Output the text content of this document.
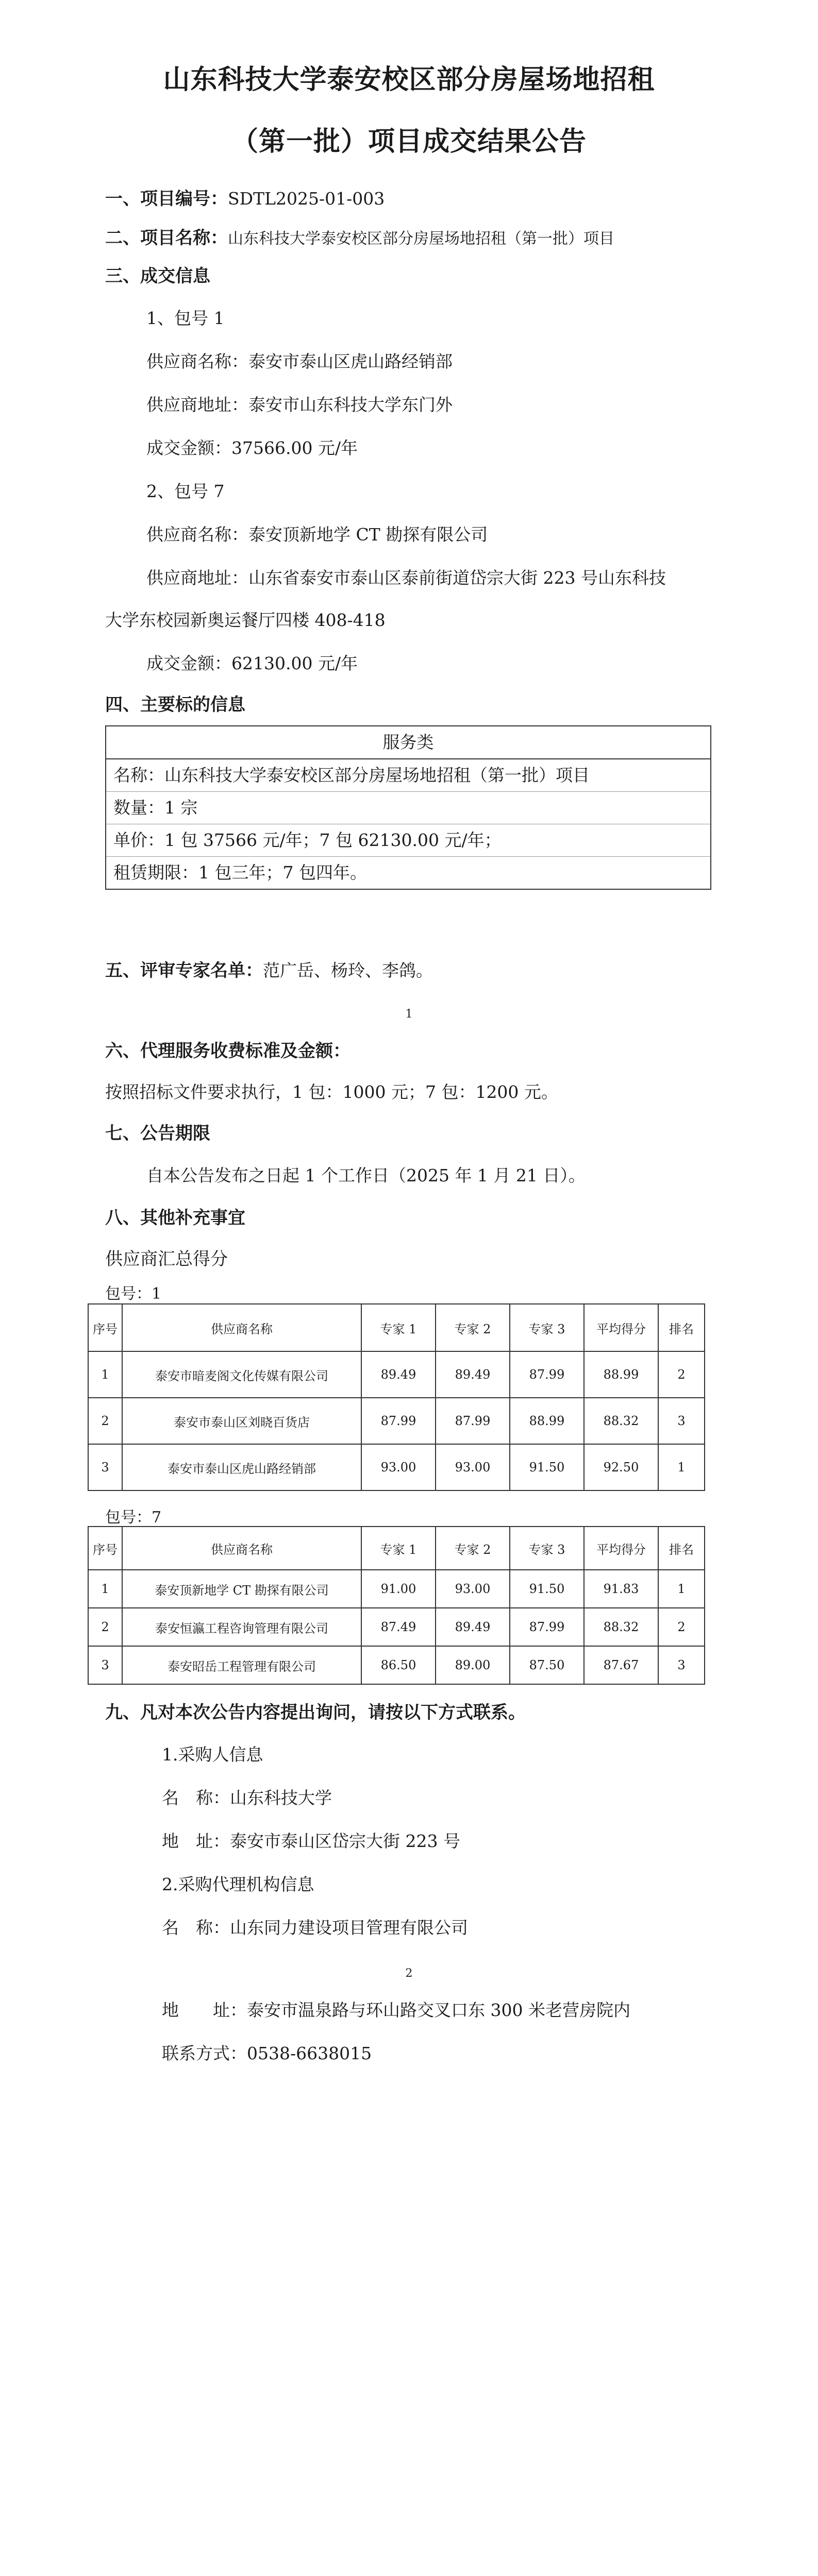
山东科技大学泰安校区部分房屋场地招租
（第一批）项目成交结果公告
一、项目编号：SDTL2025-01-003
二、项目名称：山东科技大学泰安校区部分房屋场地招租（第一批）项目
三、成交信息
1、包号 1
供应商名称：泰安市泰山区虎山路经销部
供应商地址：泰安市山东科技大学东门外
成交金额：37566.00 元/年
2、包号 7
供应商名称：泰安顶新地学 CT 勘探有限公司
供应商地址：山东省泰安市泰山区泰前街道岱宗大街 223 号山东科技
大学东校园新奥运餐厅四楼 408-418
成交金额：62130.00 元/年
四、主要标的信息
服务类
名称：山东科技大学泰安校区部分房屋场地招租（第一批）项目
数量：1 宗
单价：1 包 37566 元/年；7 包 62130.00 元/年；
租赁期限：1 包三年；7 包四年。
五、评审专家名单：范广岳、杨玲、李鸽。
1
六、代理服务收费标准及金额：
按照招标文件要求执行，1 包：1000 元；7 包：1200 元。
七、公告期限
自本公告发布之日起 1 个工作日（2025 年 1 月 21 日）。
八、其他补充事宜
供应商汇总得分
包号：1
序号	供应商名称	专家 1	专家 2	专家 3	平均得分	排名
1	泰安市暗麦阁文化传媒有限公司	89.49	89.49	87.99	88.99	2
2	泰安市泰山区刘晓百货店	87.99	87.99	88.99	88.32	3
3	泰安市泰山区虎山路经销部	93.00	93.00	91.50	92.50	1
包号：7
序号	供应商名称	专家 1	专家 2	专家 3	平均得分	排名
1	泰安顶新地学 CT 勘探有限公司	91.00	93.00	91.50	91.83	1
2	泰安恒瀛工程咨询管理有限公司	87.49	89.49	87.99	88.32	2
3	泰安昭岳工程管理有限公司	86.50	89.00	87.50	87.67	3
九、凡对本次公告内容提出询问，请按以下方式联系。
1.采购人信息
名　称：山东科技大学
地　址：泰安市泰山区岱宗大街 223 号
2.采购代理机构信息
名　称：山东同力建设项目管理有限公司
2
地　　址：泰安市温泉路与环山路交叉口东 300 米老营房院内
联系方式：0538-6638015
